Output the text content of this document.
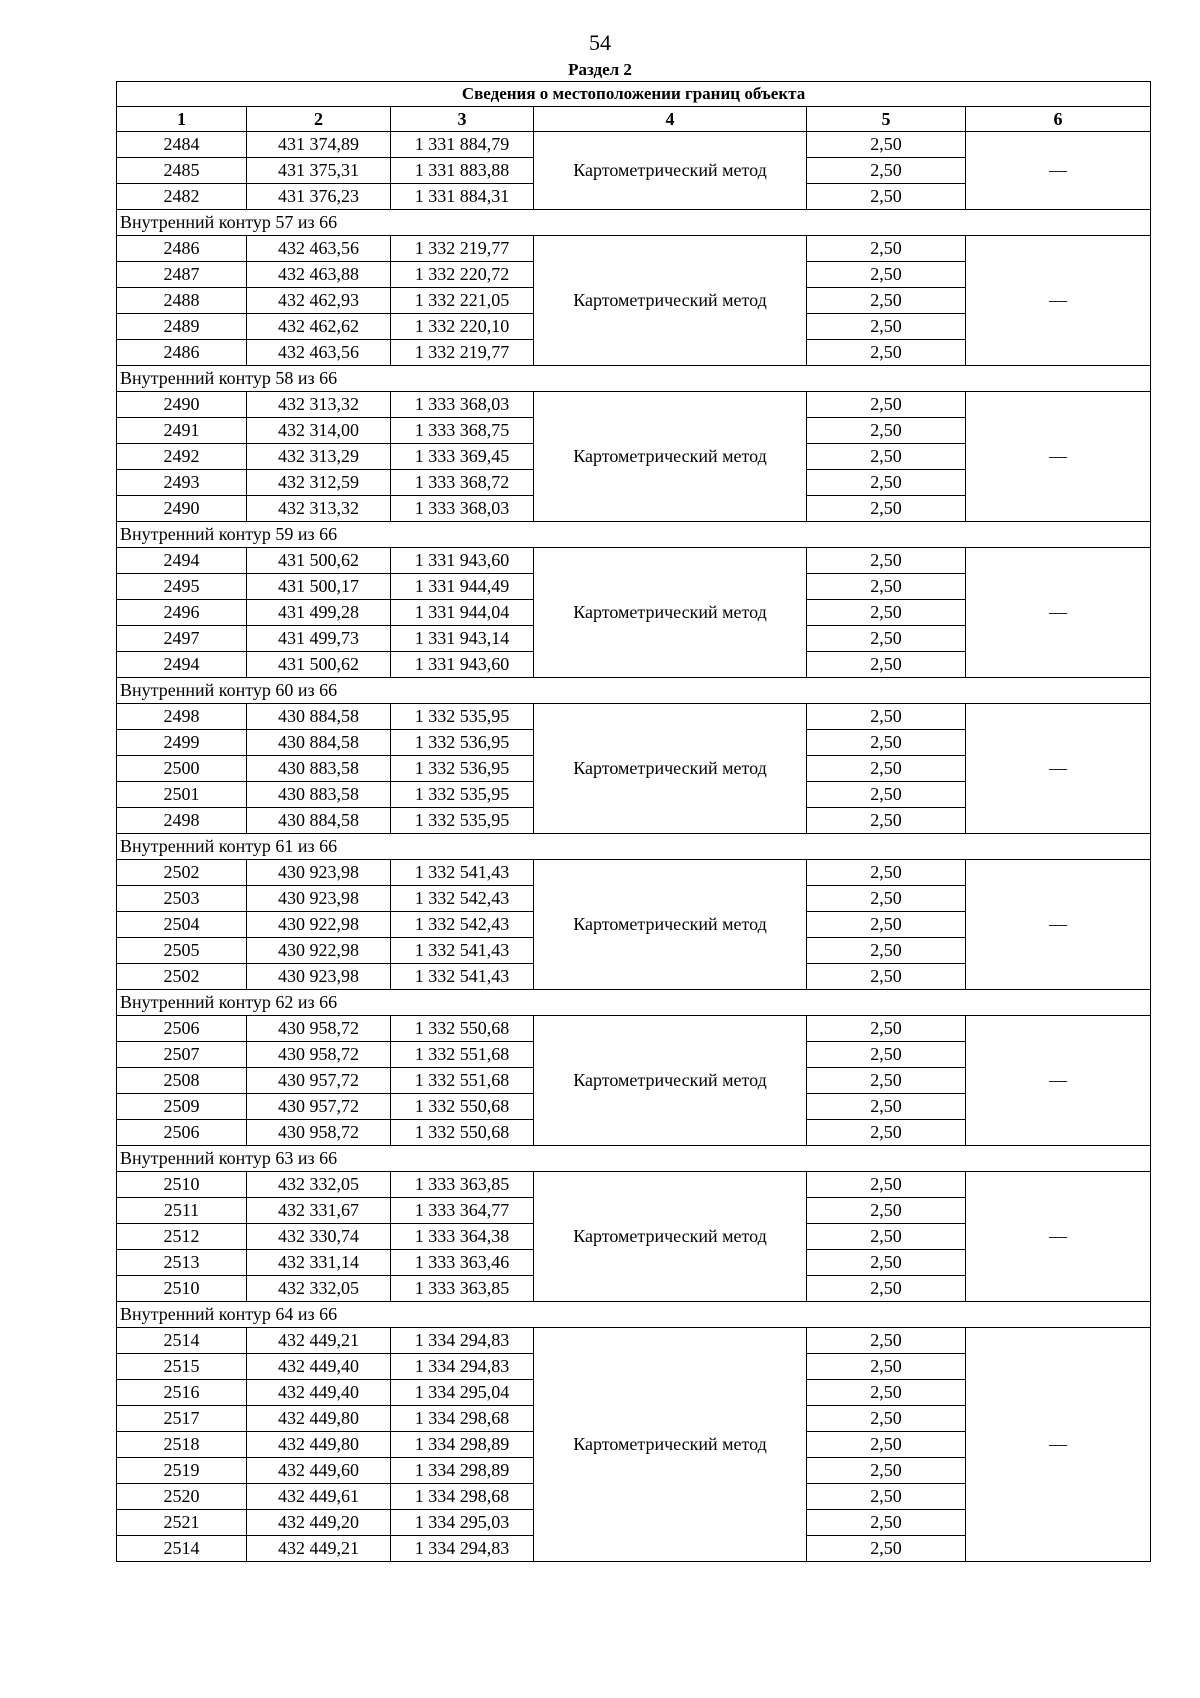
54
Раздел 2
Сведения о местоположении границ объекта					
1	2	3	4	5	6
2484	431 374,89	1 331 884,79	Картометрический метод	2,50	—
2485	431 375,31	1 331 883,88		2,50	
2482	431 376,23	1 331 884,31		2,50	
Внутренний контур 57 из 66					
2486	432 463,56	1 332 219,77	Картометрический метод	2,50	—
2487	432 463,88	1 332 220,72		2,50	
2488	432 462,93	1 332 221,05		2,50	
2489	432 462,62	1 332 220,10		2,50	
2486	432 463,56	1 332 219,77		2,50	
Внутренний контур 58 из 66					
2490	432 313,32	1 333 368,03	Картометрический метод	2,50	—
2491	432 314,00	1 333 368,75		2,50	
2492	432 313,29	1 333 369,45		2,50	
2493	432 312,59	1 333 368,72		2,50	
2490	432 313,32	1 333 368,03		2,50	
Внутренний контур 59 из 66					
2494	431 500,62	1 331 943,60	Картометрический метод	2,50	—
2495	431 500,17	1 331 944,49		2,50	
2496	431 499,28	1 331 944,04		2,50	
2497	431 499,73	1 331 943,14		2,50	
2494	431 500,62	1 331 943,60		2,50	
Внутренний контур 60 из 66					
2498	430 884,58	1 332 535,95	Картометрический метод	2,50	—
2499	430 884,58	1 332 536,95		2,50	
2500	430 883,58	1 332 536,95		2,50	
2501	430 883,58	1 332 535,95		2,50	
2498	430 884,58	1 332 535,95		2,50	
Внутренний контур 61 из 66					
2502	430 923,98	1 332 541,43	Картометрический метод	2,50	—
2503	430 923,98	1 332 542,43		2,50	
2504	430 922,98	1 332 542,43		2,50	
2505	430 922,98	1 332 541,43		2,50	
2502	430 923,98	1 332 541,43		2,50	
Внутренний контур 62 из 66					
2506	430 958,72	1 332 550,68	Картометрический метод	2,50	—
2507	430 958,72	1 332 551,68		2,50	
2508	430 957,72	1 332 551,68		2,50	
2509	430 957,72	1 332 550,68		2,50	
2506	430 958,72	1 332 550,68		2,50	
Внутренний контур 63 из 66					
2510	432 332,05	1 333 363,85	Картометрический метод	2,50	—
2511	432 331,67	1 333 364,77		2,50	
2512	432 330,74	1 333 364,38		2,50	
2513	432 331,14	1 333 363,46		2,50	
2510	432 332,05	1 333 363,85		2,50	
Внутренний контур 64 из 66					
2514	432 449,21	1 334 294,83	Картометрический метод	2,50	—
2515	432 449,40	1 334 294,83		2,50	
2516	432 449,40	1 334 295,04		2,50	
2517	432 449,80	1 334 298,68		2,50	
2518	432 449,80	1 334 298,89		2,50	
2519	432 449,60	1 334 298,89		2,50	
2520	432 449,61	1 334 298,68		2,50	
2521	432 449,20	1 334 295,03		2,50	
2514	432 449,21	1 334 294,83		2,50	
